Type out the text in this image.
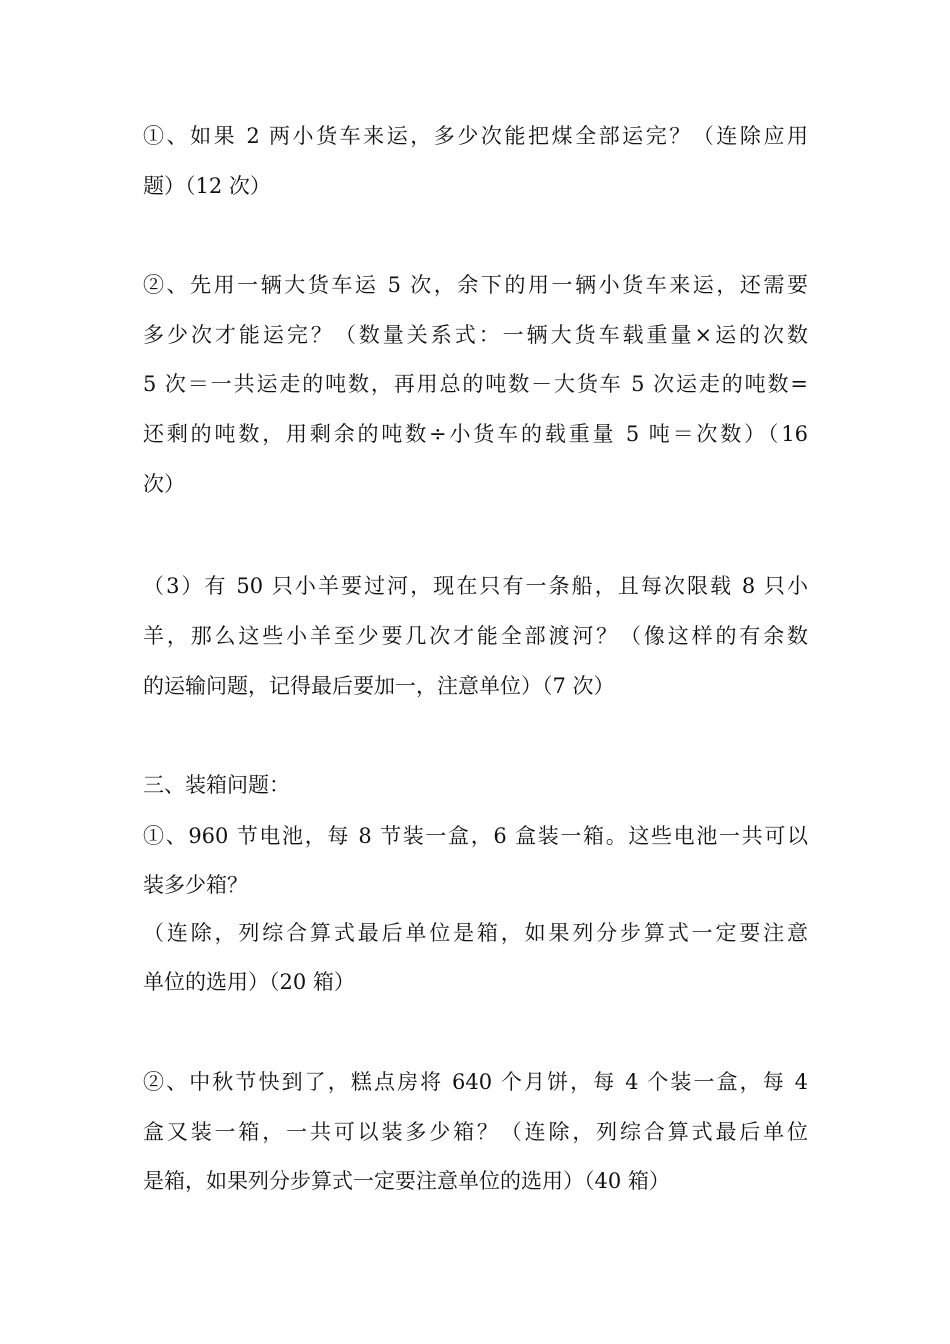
①、如果 2 两小货车来运，多少次能把煤全部运完？（连除应用

题）（12 次）

②、先用一辆大货车运 5 次，余下的用一辆小货车来运，还需要

多少次才能运完？（数量关系式：一辆大货车载重量×运的次数

5 次＝一共运走的吨数，再用总的吨数－大货车 5 次运走的吨数=

还剩的吨数，用剩余的吨数÷小货车的载重量 5 吨＝次数）（16

次）

（3）有 50 只小羊要过河，现在只有一条船，且每次限载 8 只小

羊，那么这些小羊至少要几次才能全部渡河？（像这样的有余数

的运输问题，记得最后要加一，注意单位）（7 次）

三、装箱问题：

①、960 节电池，每 8 节装一盒，6 盒装一箱。这些电池一共可以

装多少箱？

（连除，列综合算式最后单位是箱，如果列分步算式一定要注意

单位的选用）（20 箱）

②、中秋节快到了，糕点房将 640 个月饼，每 4 个装一盒，每 4

盒又装一箱，一共可以装多少箱？（连除，列综合算式最后单位

是箱，如果列分步算式一定要注意单位的选用）（40 箱）
